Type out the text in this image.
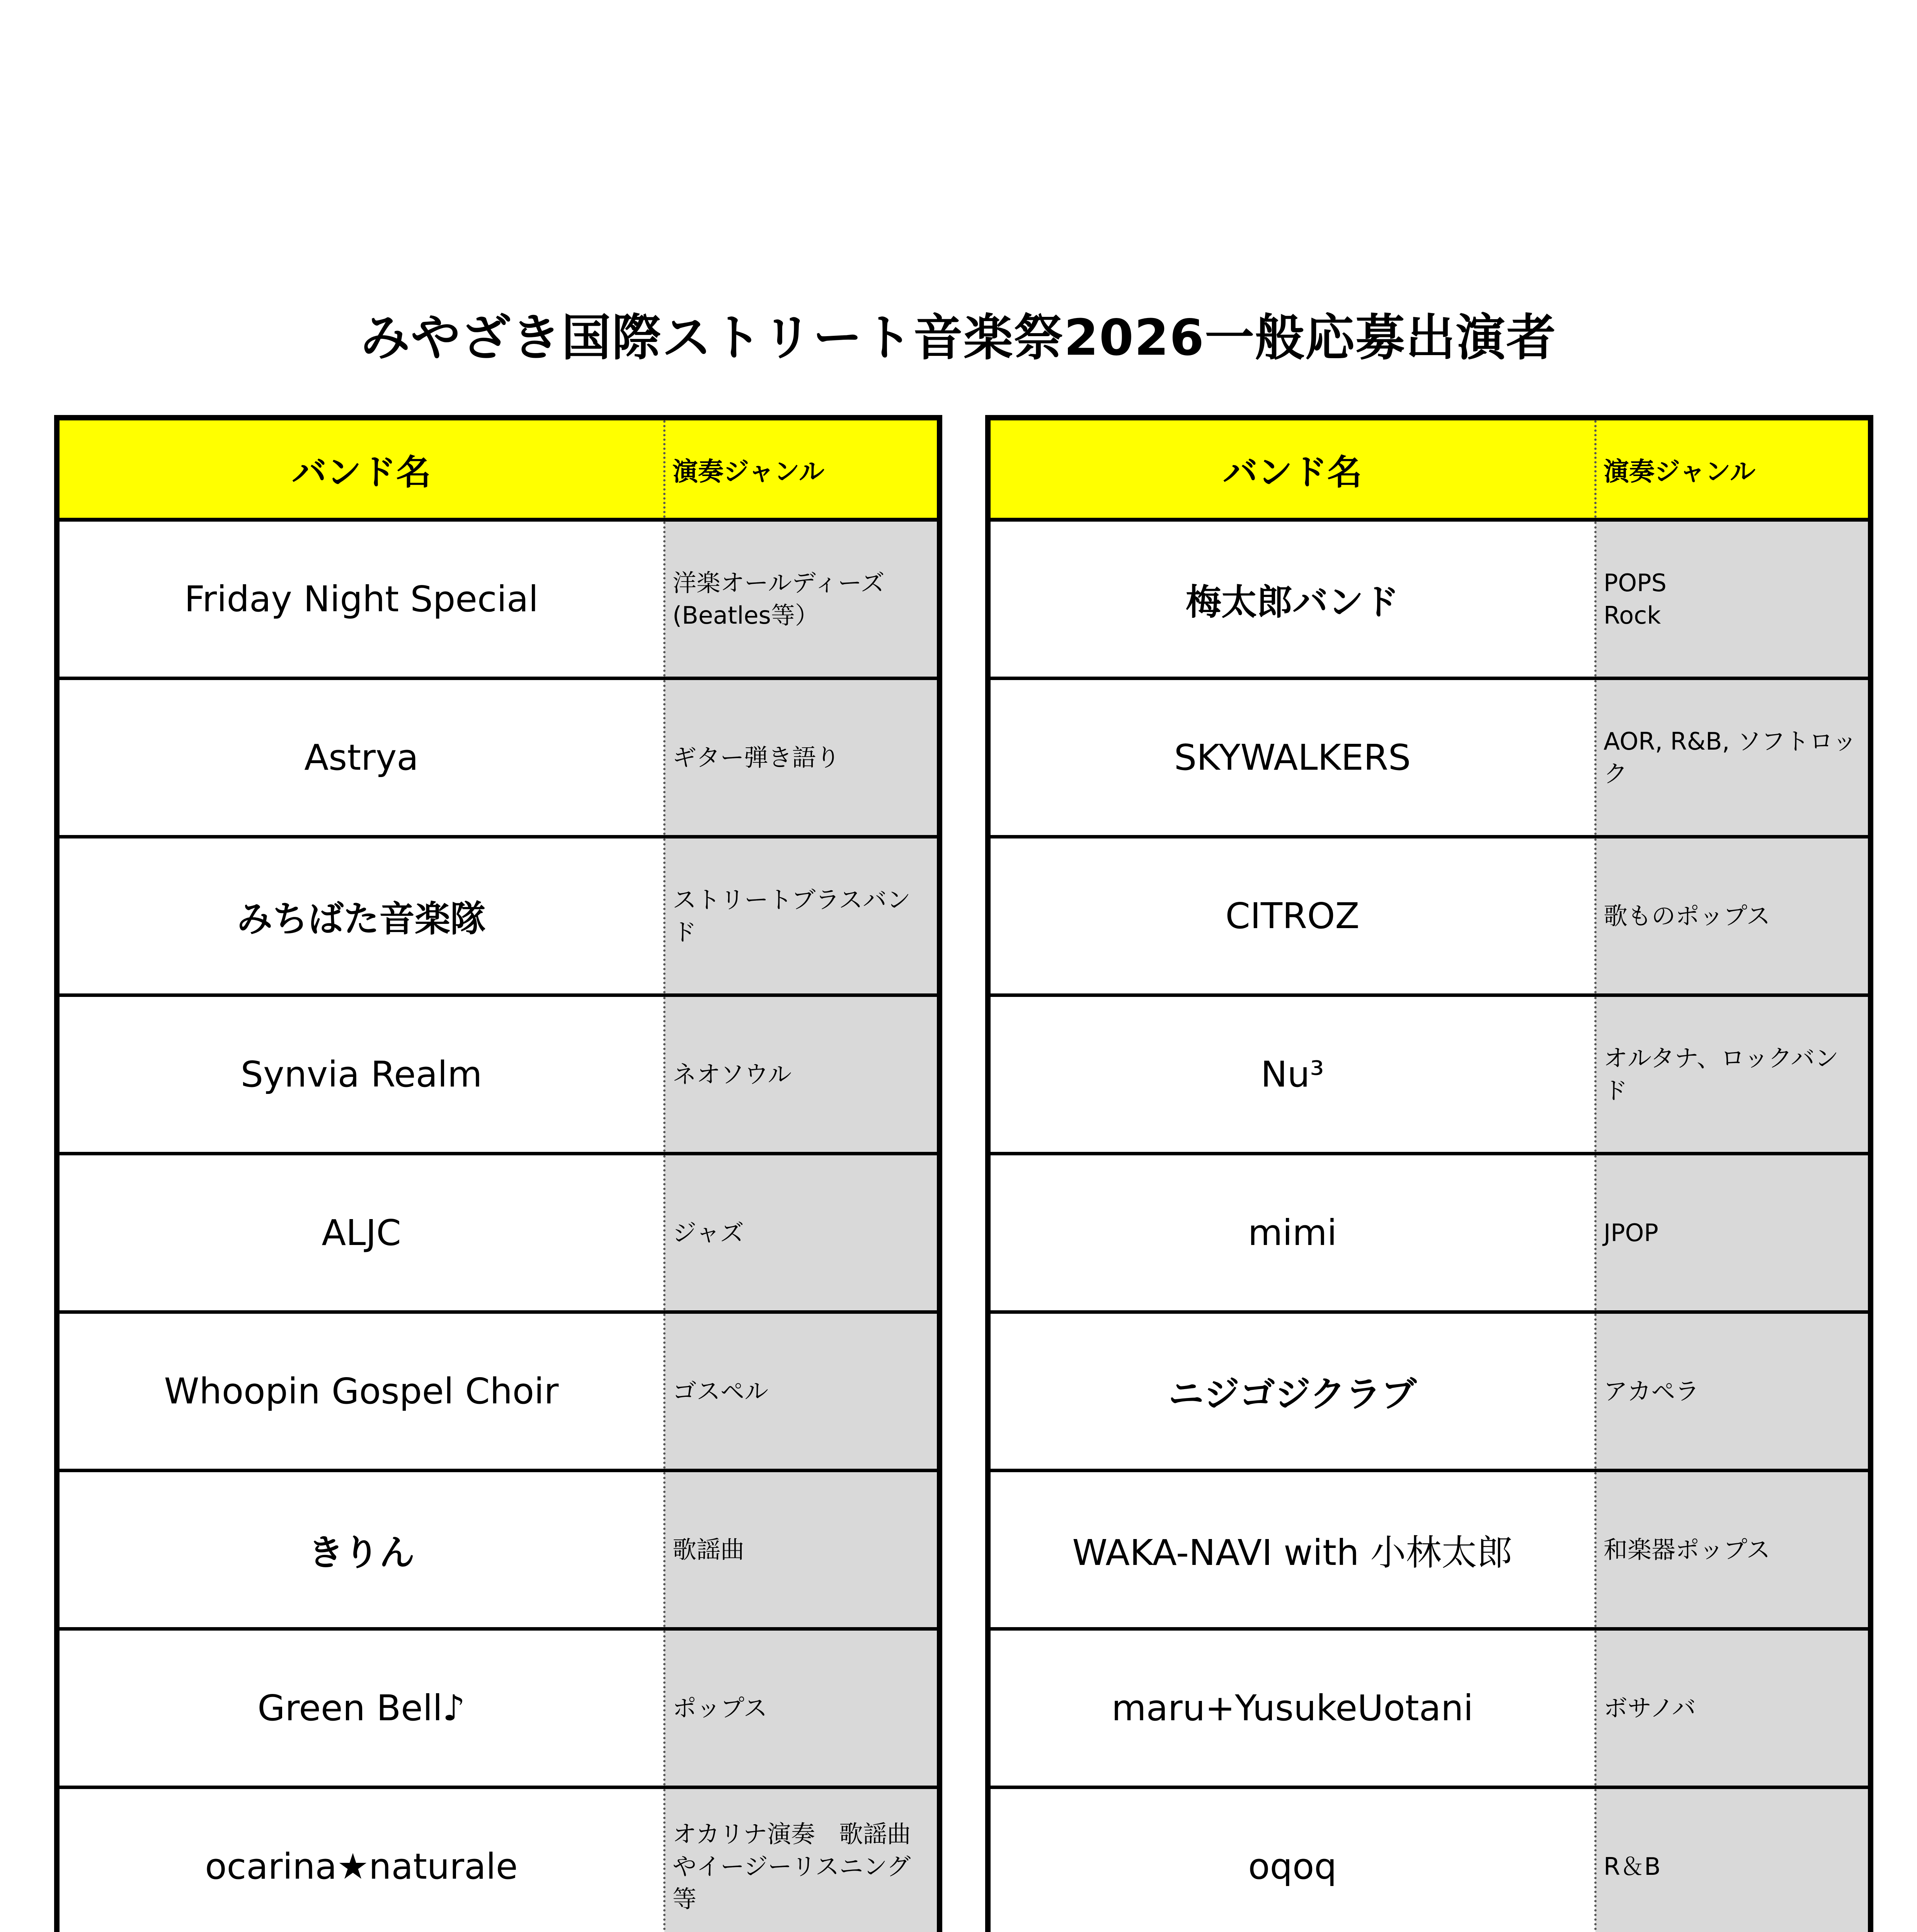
みやざき国際ストリート音楽祭2026一般応募出演者
バンド名	演奏ジャンル
Friday Night Special	洋楽オールディーズ
(Beatles等）
Astrya	ギター弾き語り
みちばた音楽隊	ストリートブラスバンド
Synvia Realm	ネオソウル
ALJC	ジャズ
Whoopin Gospel Choir	ゴスペル
きりん	歌謡曲
Green Bell♪	ポップス
ocarina★naturale	オカリナ演奏　歌謡曲
やイージーリスニング
等

バンド名	演奏ジャンル
梅太郎バンド	POPS
Rock
SKYWALKERS	AOR, R&B, ソフトロッ
ク
CITROZ	歌ものポップス
Nu³	オルタナ、ロックバンド
mimi	JPOP
ニジゴジクラブ	アカペラ
WAKA-NAVI with 小林太郎	和楽器ポップス
maru+YusukeUotani	ボサノバ
oqoq	R＆B
